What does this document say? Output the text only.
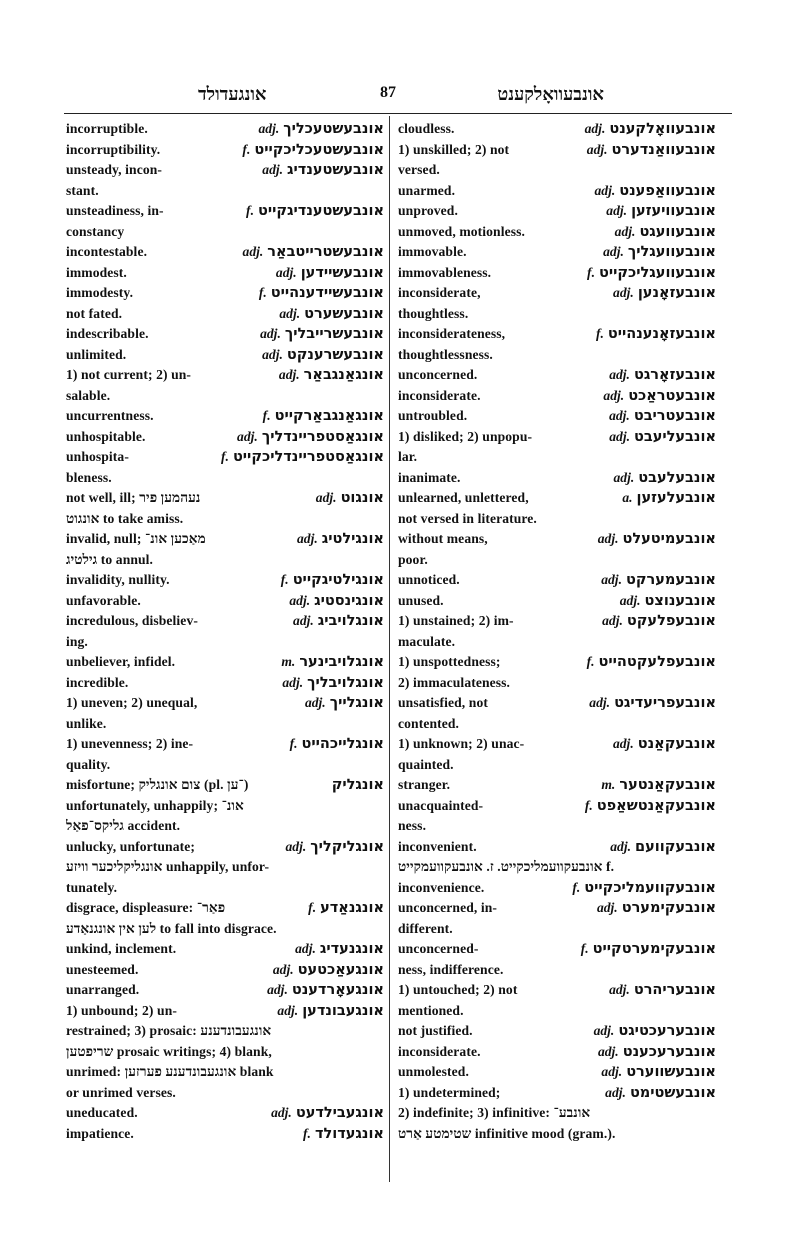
אונגעדולד	87	אונבעוואָלקענט
incorruptible.	adj. אונבעשטעכליך
incorruptibility.	f. אונבעשטעכליכקייט
unsteady, incon-	adj. אונבעשטענדיג
stant.
unsteadiness, in-	f. אונבעשטענדיגקייט
constancy
incontestable.	adj. אונבעשטרייטבאַר
immodest.	adj. אונבעשיידען
immodesty.	f. אונבעשיידענהייט
not fated.	adj. אונבעשערט
indescribable.	adj. אונבעשרייבליך
unlimited.	adj. אונבעשרענקט
1) not current; 2) un-	adj. אונגאַנגבאַר
salable.
uncurrentness.	f. אונגאַנגבאַרקייט
unhospitable.	adj. אונגאַסטפריינדליך
unhospita-	f. אונגאַסטפריינדליכקייט
bleness.
not well, ill; נעהמען פיר	adj. אונגוט
אונגוט to take amiss.
invalid, null; מאַכען אונ־	adj. אונגילטיג
גילטיג to annul.
invalidity, nullity.	f. אונגילטיגקייט
unfavorable.	adj. אונגינסטיג
incredulous, disbeliev-	adj. אונגלויביג
ing.
unbeliever, infidel.	m. אונגלויבינער
incredible.	adj. אונגלויבליך
1) uneven; 2) unequal,	adj. אונגלייך
unlike.
1) unevenness; 2) ine-	f. אונגלייכהייט
quality.
misfortune; צום אונגליק (pl. ־ען)	אונגליק
unfortunately, unhappily; אונ־
גליקס־פאַל accident.
unlucky, unfortunate;	adj. אונגליקליך
אונגליקליכער וויזע unhappily, unfor-
tunately.
disgrace, displeasure: פאַר־	f. אונגנאַדע
לען אין אונגנאַדע to fall into disgrace.
unkind, inclement.	adj. אונגנעדיג
unesteemed.	adj. אונגעאַכטעט
unarranged.	adj. אונגעאָרדענט
1) unbound; 2) un-	adj. אונגעבונדען
restrained; 3) prosaic: אונגעבונדענע
שריפטען prosaic writings; 4) blank,
unrimed: אונגעבונדענע פערזען blank
or unrimed verses.
uneducated.	adj. אונגעבילדעט
impatience.	f. אונגעדולד
cloudless.	adj. אונבעוואָלקענט
1) unskilled; 2) not	adj. אונבעוואַנדערט
versed.
unarmed.	adj. אונבעוואַפענט
unproved.	adj. אונבעוויעזען
unmoved, motionless.	adj. אונבעוועגט
immovable.	adj. אונבעוועגליך
immovableness.	f. אונבעוועגליכקייט
inconsiderate,	adj. אונבעזאָנען
thoughtless.
inconsiderateness,	f. אונבעזאָנענהייט
thoughtlessness.
unconcerned.	adj. אונבעזאָרגט
inconsiderate.	adj. אונבעטראַכט
untroubled.	adj. אונבעטריבט
1) disliked; 2) unpopu-	adj. אונבעליעבט
lar.
inanimate.	adj. אונבעלעבט
unlearned, unlettered,	a. אונבעלעזען
not versed in literature.
without means,	adj. אונבעמיטעלט
poor.
unnoticed.	adj. אונבעמערקט
unused.	adj. אונבענוצט
1) unstained; 2) im-	adj. אונבעפלעקט
maculate.
1) unspottedness;	f. אונבעפלעקטהייט
2) immaculateness.
unsatisfied, not	adj. אונבעפריעדיגט
contented.
1) unknown; 2) unac-	adj. אונבעקאַנט
quainted.
stranger.	m. אונבעקאַנטער
unacquainted-	f. אונבעקאַנטשאַפט
ness.
inconvenient.	adj. אונבעקוועם
אונבעקוועמליכקייט. ז. אונבעקוועמקייט f.
inconvenience.	f. אונבעקוועמליכקייט
unconcerned, in-	adj. אונבעקימערט
different.
unconcerned-	f. אונבעקימערטקייט
ness, indifference.
1) untouched; 2) not	adj. אונבעריהרט
mentioned.
not justified.	adj. אונבערעכטיגט
inconsiderate.	adj. אונבערעכענט
unmolested.	adj. אונבעשווערט
1) undetermined;	adj. אונבעשטימט
2) indefinite; 3) infinitive: אונבע־
שטימטע אַרט infinitive mood (gram.).
